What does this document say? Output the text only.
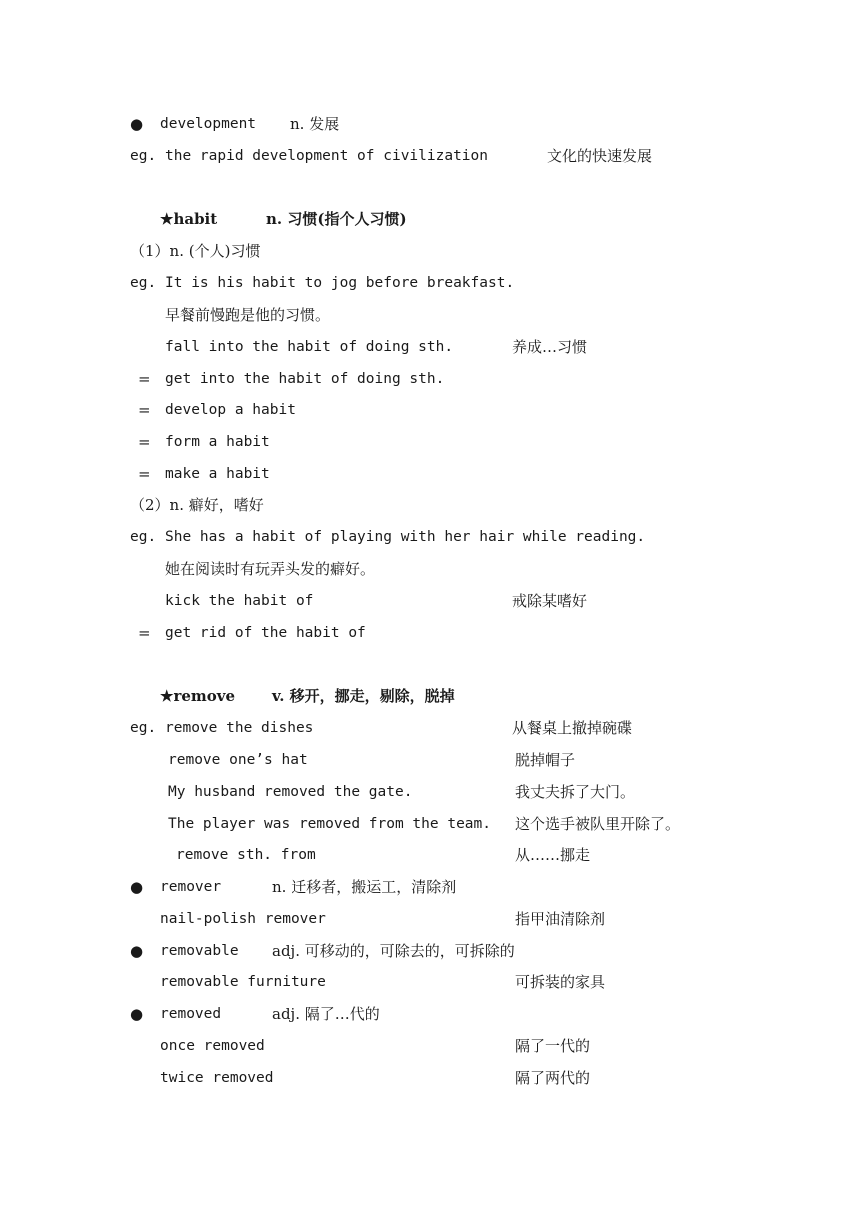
● development n. 发展
eg. the rapid development of civilization	文化的快速发展
★habit	n. 习惯(指个人习惯)
（1）n. (个人)习惯
eg. It is his habit to jog before breakfast.
早餐前慢跑是他的习惯。
fall into the habit of doing sth.	养成…习惯
= get into the habit of doing sth.
= develop a habit
= form a habit
= make a habit
（2）n. 癖好，嗜好
eg. She has a habit of playing with her hair while reading.
她在阅读时有玩弄头发的癖好。
kick the habit of	戒除某嗜好
= get rid of the habit of
★remove v. 移开，挪走，剔除，脱掉
eg. remove the dishes	从餐桌上撤掉碗碟
remove one’s hat	脱掉帽子
My husband removed the gate.	我丈夫拆了大门。
The player was removed from the team. 这个选手被队里开除了。
remove sth. from	从……挪走
● remover	n. 迁移者，搬运工，清除剂
nail-polish remover	指甲油清除剂
● removable adj. 可移动的，可除去的，可拆除的
removable furniture	可拆装的家具
● removed	adj. 隔了…代的
once removed	隔了一代的
twice removed	隔了两代的
